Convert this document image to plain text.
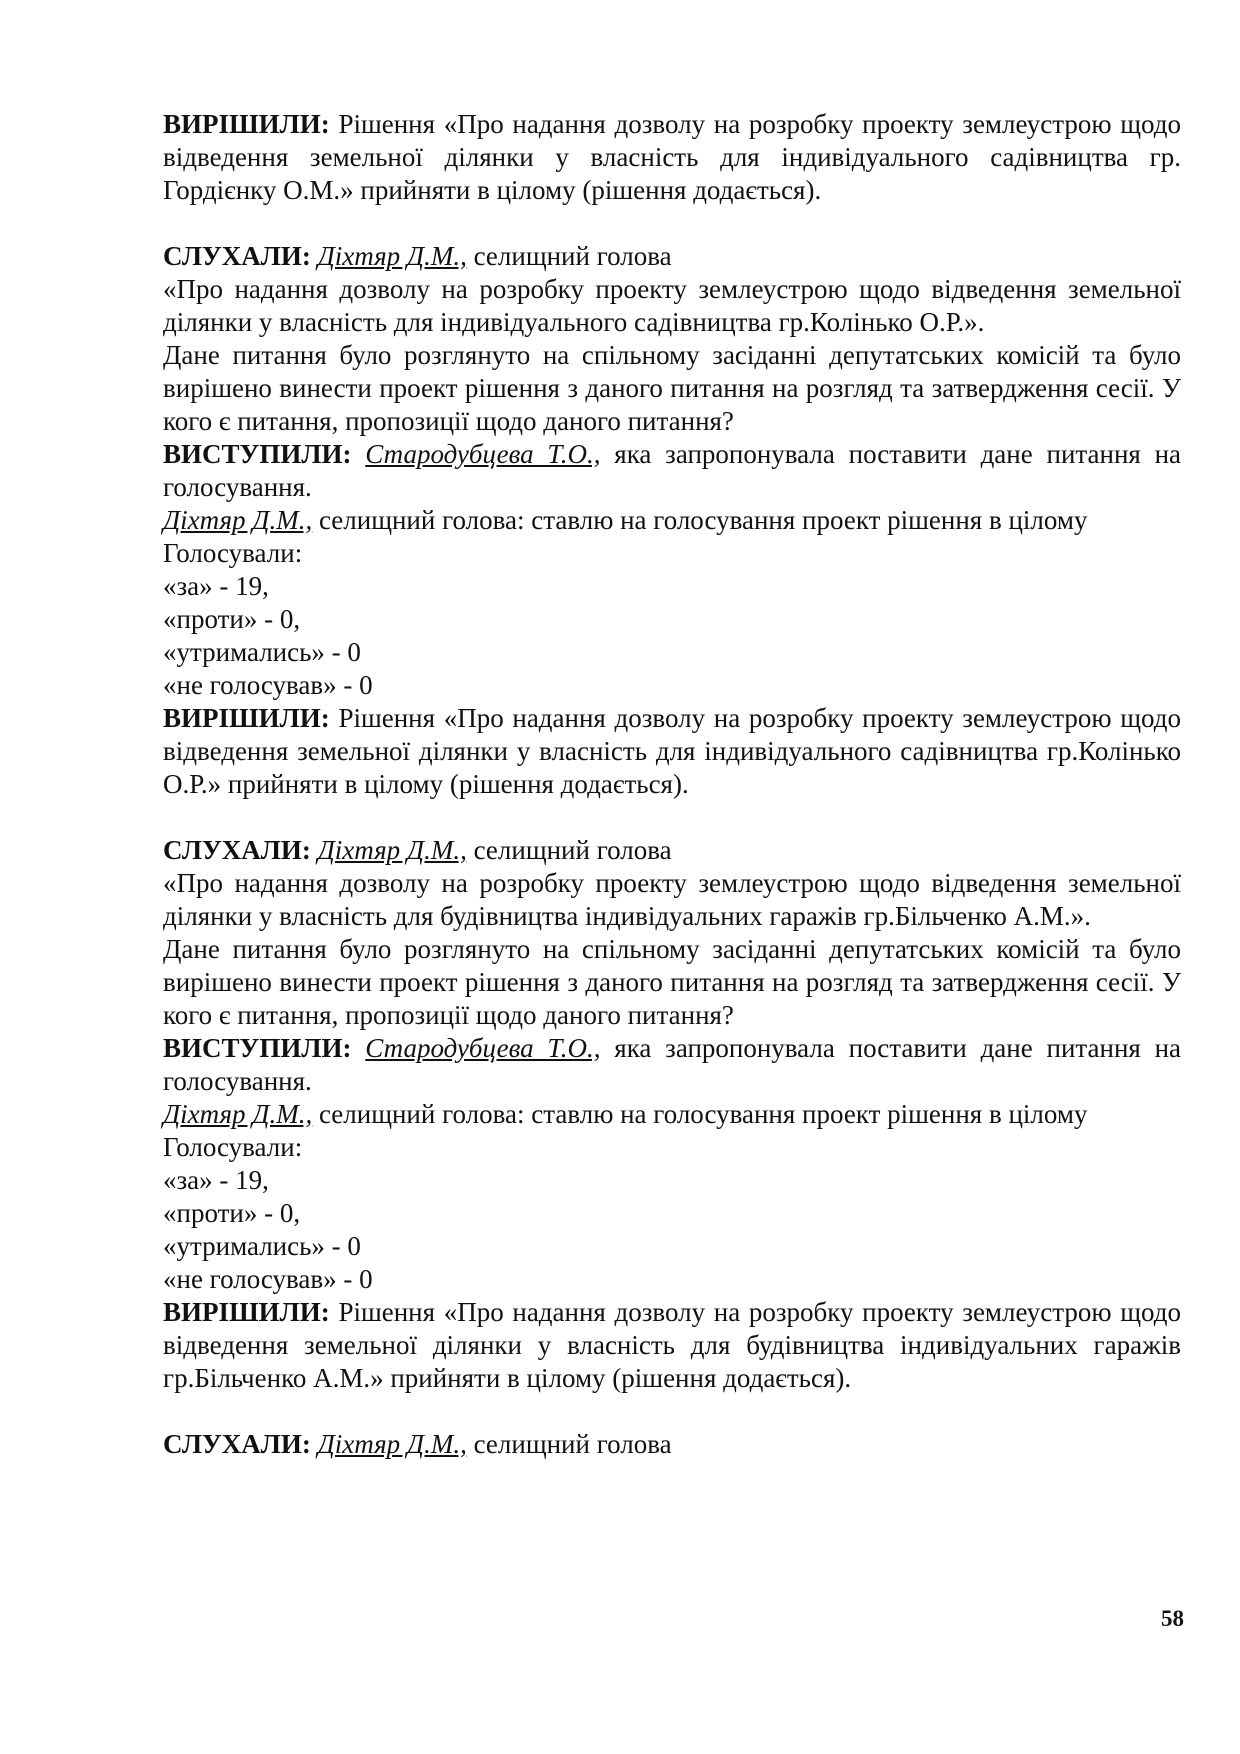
ВИРІШИЛИ: Рішення «Про надання дозволу на розробку проекту землеустрою щодо відведення земельної ділянки у власність для індивідуального садівництва гр. Гордієнку О.М.» прийняти в цілому (рішення додається).

СЛУХАЛИ: Діхтяр Д.М., селищний голова

«Про надання дозволу на розробку проекту землеустрою щодо відведення земельної ділянки у власність для індивідуального садівництва гр.Колінько О.Р.».

Дане питання було розглянуто на спільному засіданні депутатських комісій та було вирішено винести проект рішення з даного питання на розгляд та затвердження сесії. У кого є питання, пропозиції щодо даного питання?

ВИСТУПИЛИ: Стародубцева Т.О., яка запропонувала поставити дане питання на голосування.

Діхтяр Д.М., селищний голова: ставлю на голосування проект рішення в цілому

Голосували:

«за» - 19,

«проти» - 0,

«утримались» - 0

«не голосував» - 0

ВИРІШИЛИ: Рішення «Про надання дозволу на розробку проекту землеустрою щодо відведення земельної ділянки у власність для індивідуального садівництва гр.Колінько О.Р.» прийняти в цілому (рішення додається).

СЛУХАЛИ: Діхтяр Д.М., селищний голова

«Про надання дозволу на розробку проекту землеустрою щодо відведення земельної ділянки у власність для будівництва індивідуальних гаражів гр.Більченко А.М.».

Дане питання було розглянуто на спільному засіданні депутатських комісій та було вирішено винести проект рішення з даного питання на розгляд та затвердження сесії. У кого є питання, пропозиції щодо даного питання?

ВИСТУПИЛИ: Стародубцева Т.О., яка запропонувала поставити дане питання на голосування.

Діхтяр Д.М., селищний голова: ставлю на голосування проект рішення в цілому

Голосували:

«за» - 19,

«проти» - 0,

«утримались» - 0

«не голосував» - 0

ВИРІШИЛИ: Рішення «Про надання дозволу на розробку проекту землеустрою щодо відведення земельної ділянки у власність для будівництва індивідуальних гаражів гр.Більченко А.М.» прийняти в цілому (рішення додається).

СЛУХАЛИ: Діхтяр Д.М., селищний голова

58
